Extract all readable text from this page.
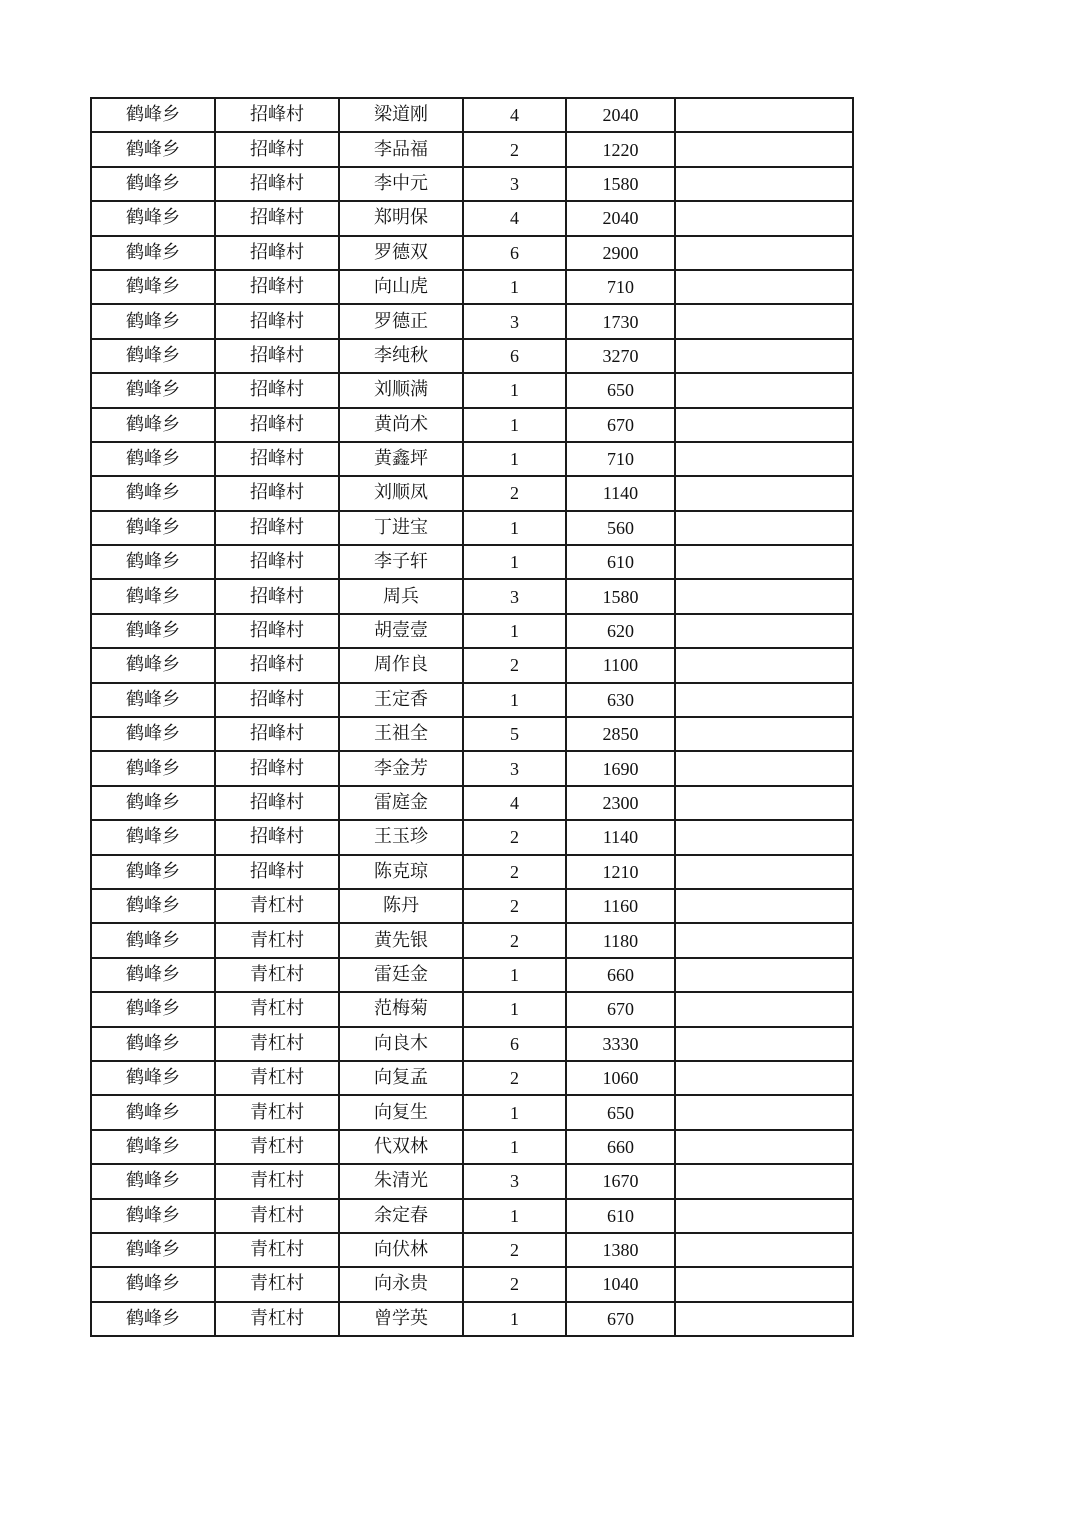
鹤峰乡	招峰村	梁道刚	4	2040	
鹤峰乡	招峰村	李品福	2	1220	
鹤峰乡	招峰村	李中元	3	1580	
鹤峰乡	招峰村	郑明保	4	2040	
鹤峰乡	招峰村	罗德双	6	2900	
鹤峰乡	招峰村	向山虎	1	710	
鹤峰乡	招峰村	罗德正	3	1730	
鹤峰乡	招峰村	李纯秋	6	3270	
鹤峰乡	招峰村	刘顺满	1	650	
鹤峰乡	招峰村	黄尚术	1	670	
鹤峰乡	招峰村	黄鑫坪	1	710	
鹤峰乡	招峰村	刘顺凤	2	1140	
鹤峰乡	招峰村	丁进宝	1	560	
鹤峰乡	招峰村	李子轩	1	610	
鹤峰乡	招峰村	周兵	3	1580	
鹤峰乡	招峰村	胡壹壹	1	620	
鹤峰乡	招峰村	周作良	2	1100	
鹤峰乡	招峰村	王定香	1	630	
鹤峰乡	招峰村	王祖全	5	2850	
鹤峰乡	招峰村	李金芳	3	1690	
鹤峰乡	招峰村	雷庭金	4	2300	
鹤峰乡	招峰村	王玉珍	2	1140	
鹤峰乡	招峰村	陈克琼	2	1210	
鹤峰乡	青杠村	陈丹	2	1160	
鹤峰乡	青杠村	黄先银	2	1180	
鹤峰乡	青杠村	雷廷金	1	660	
鹤峰乡	青杠村	范梅菊	1	670	
鹤峰乡	青杠村	向良木	6	3330	
鹤峰乡	青杠村	向复孟	2	1060	
鹤峰乡	青杠村	向复生	1	650	
鹤峰乡	青杠村	代双林	1	660	
鹤峰乡	青杠村	朱清光	3	1670	
鹤峰乡	青杠村	余定春	1	610	
鹤峰乡	青杠村	向伏林	2	1380	
鹤峰乡	青杠村	向永贵	2	1040	
鹤峰乡	青杠村	曾学英	1	670	
